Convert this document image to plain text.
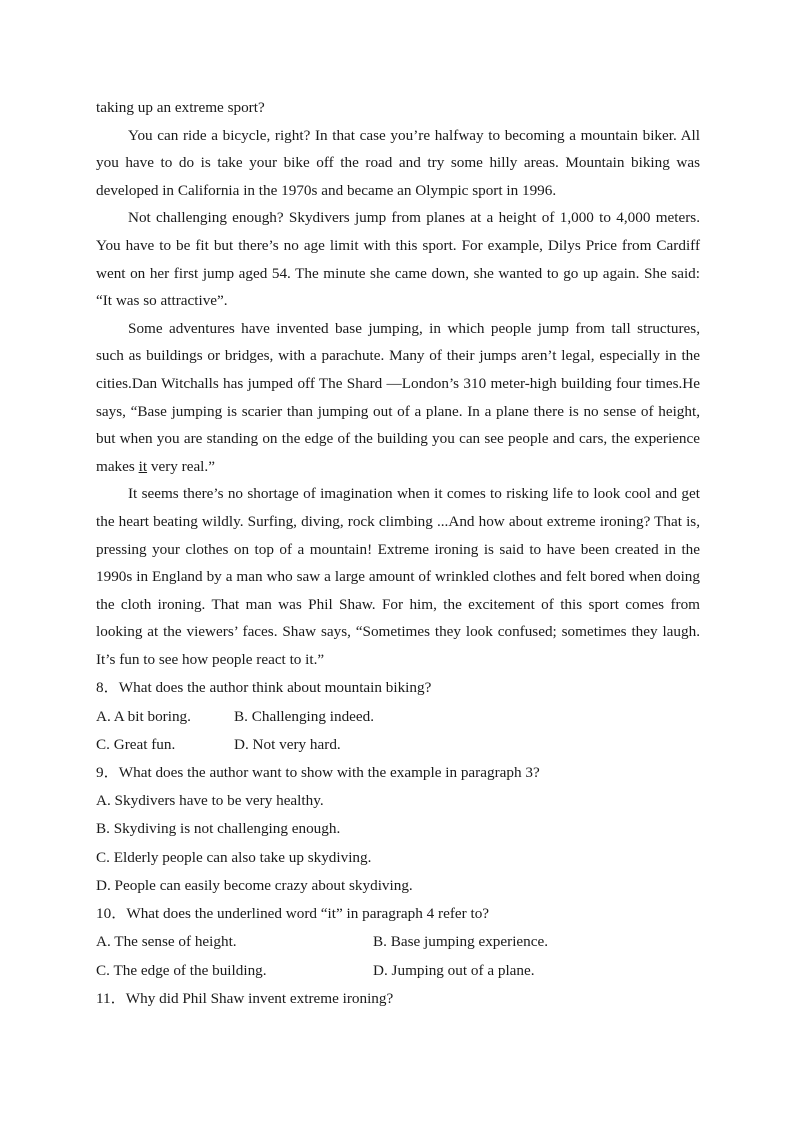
taking up an extreme sport?

You can ride a bicycle, right? In that case you’re halfway to becoming a mountain biker. All you have to do is take your bike off the road and try some hilly areas. Mountain biking was developed in California in the 1970s and became an Olympic sport in 1996.

Not challenging enough? Skydivers jump from planes at a height of 1,000 to 4,000 meters. You have to be fit but there’s no age limit with this sport. For example, Dilys Price from Cardiff went on her first jump aged 54. The minute she came down, she wanted to go up again. She said: “It was so attractive”.

Some adventures have invented base jumping, in which people jump from tall structures, such as buildings or bridges, with a parachute. Many of their jumps aren’t legal, especially in the cities.Dan Witchalls has jumped off The Shard —London’s 310 meter-high building four times.He says, “Base jumping is scarier than jumping out of a plane. In a plane there is no sense of height, but when you are standing on the edge of the building you can see people and cars, the experience makes it very real.”

It seems there’s no shortage of imagination when it comes to risking life to look cool and get the heart beating wildly. Surfing, diving, rock climbing ...And how about extreme ironing? That is, pressing your clothes on top of a mountain! Extreme ironing is said to have been created in the 1990s in England by a man who saw a large amount of wrinkled clothes and felt bored when doing the cloth ironing. That man was Phil Shaw. For him, the excitement of this sport comes from looking at the viewers’ faces. Shaw says, “Sometimes they look confused; sometimes they laugh. It’s fun to see how people react to it.”

8．What does the author think about mountain biking?

A. A bit boring.	B. Challenging indeed.
C. Great fun.	D. Not very hard.

9．What does the author want to show with the example in paragraph 3?

A. Skydivers have to be very healthy.

B. Skydiving is not challenging enough.

C. Elderly people can also take up skydiving.

D. People can easily become crazy about skydiving.

10．What does the underlined word “it” in paragraph 4 refer to?

A. The sense of height.	B. Base jumping experience.
C. The edge of the building.	D. Jumping out of a plane.

11．Why did Phil Shaw invent extreme ironing?
